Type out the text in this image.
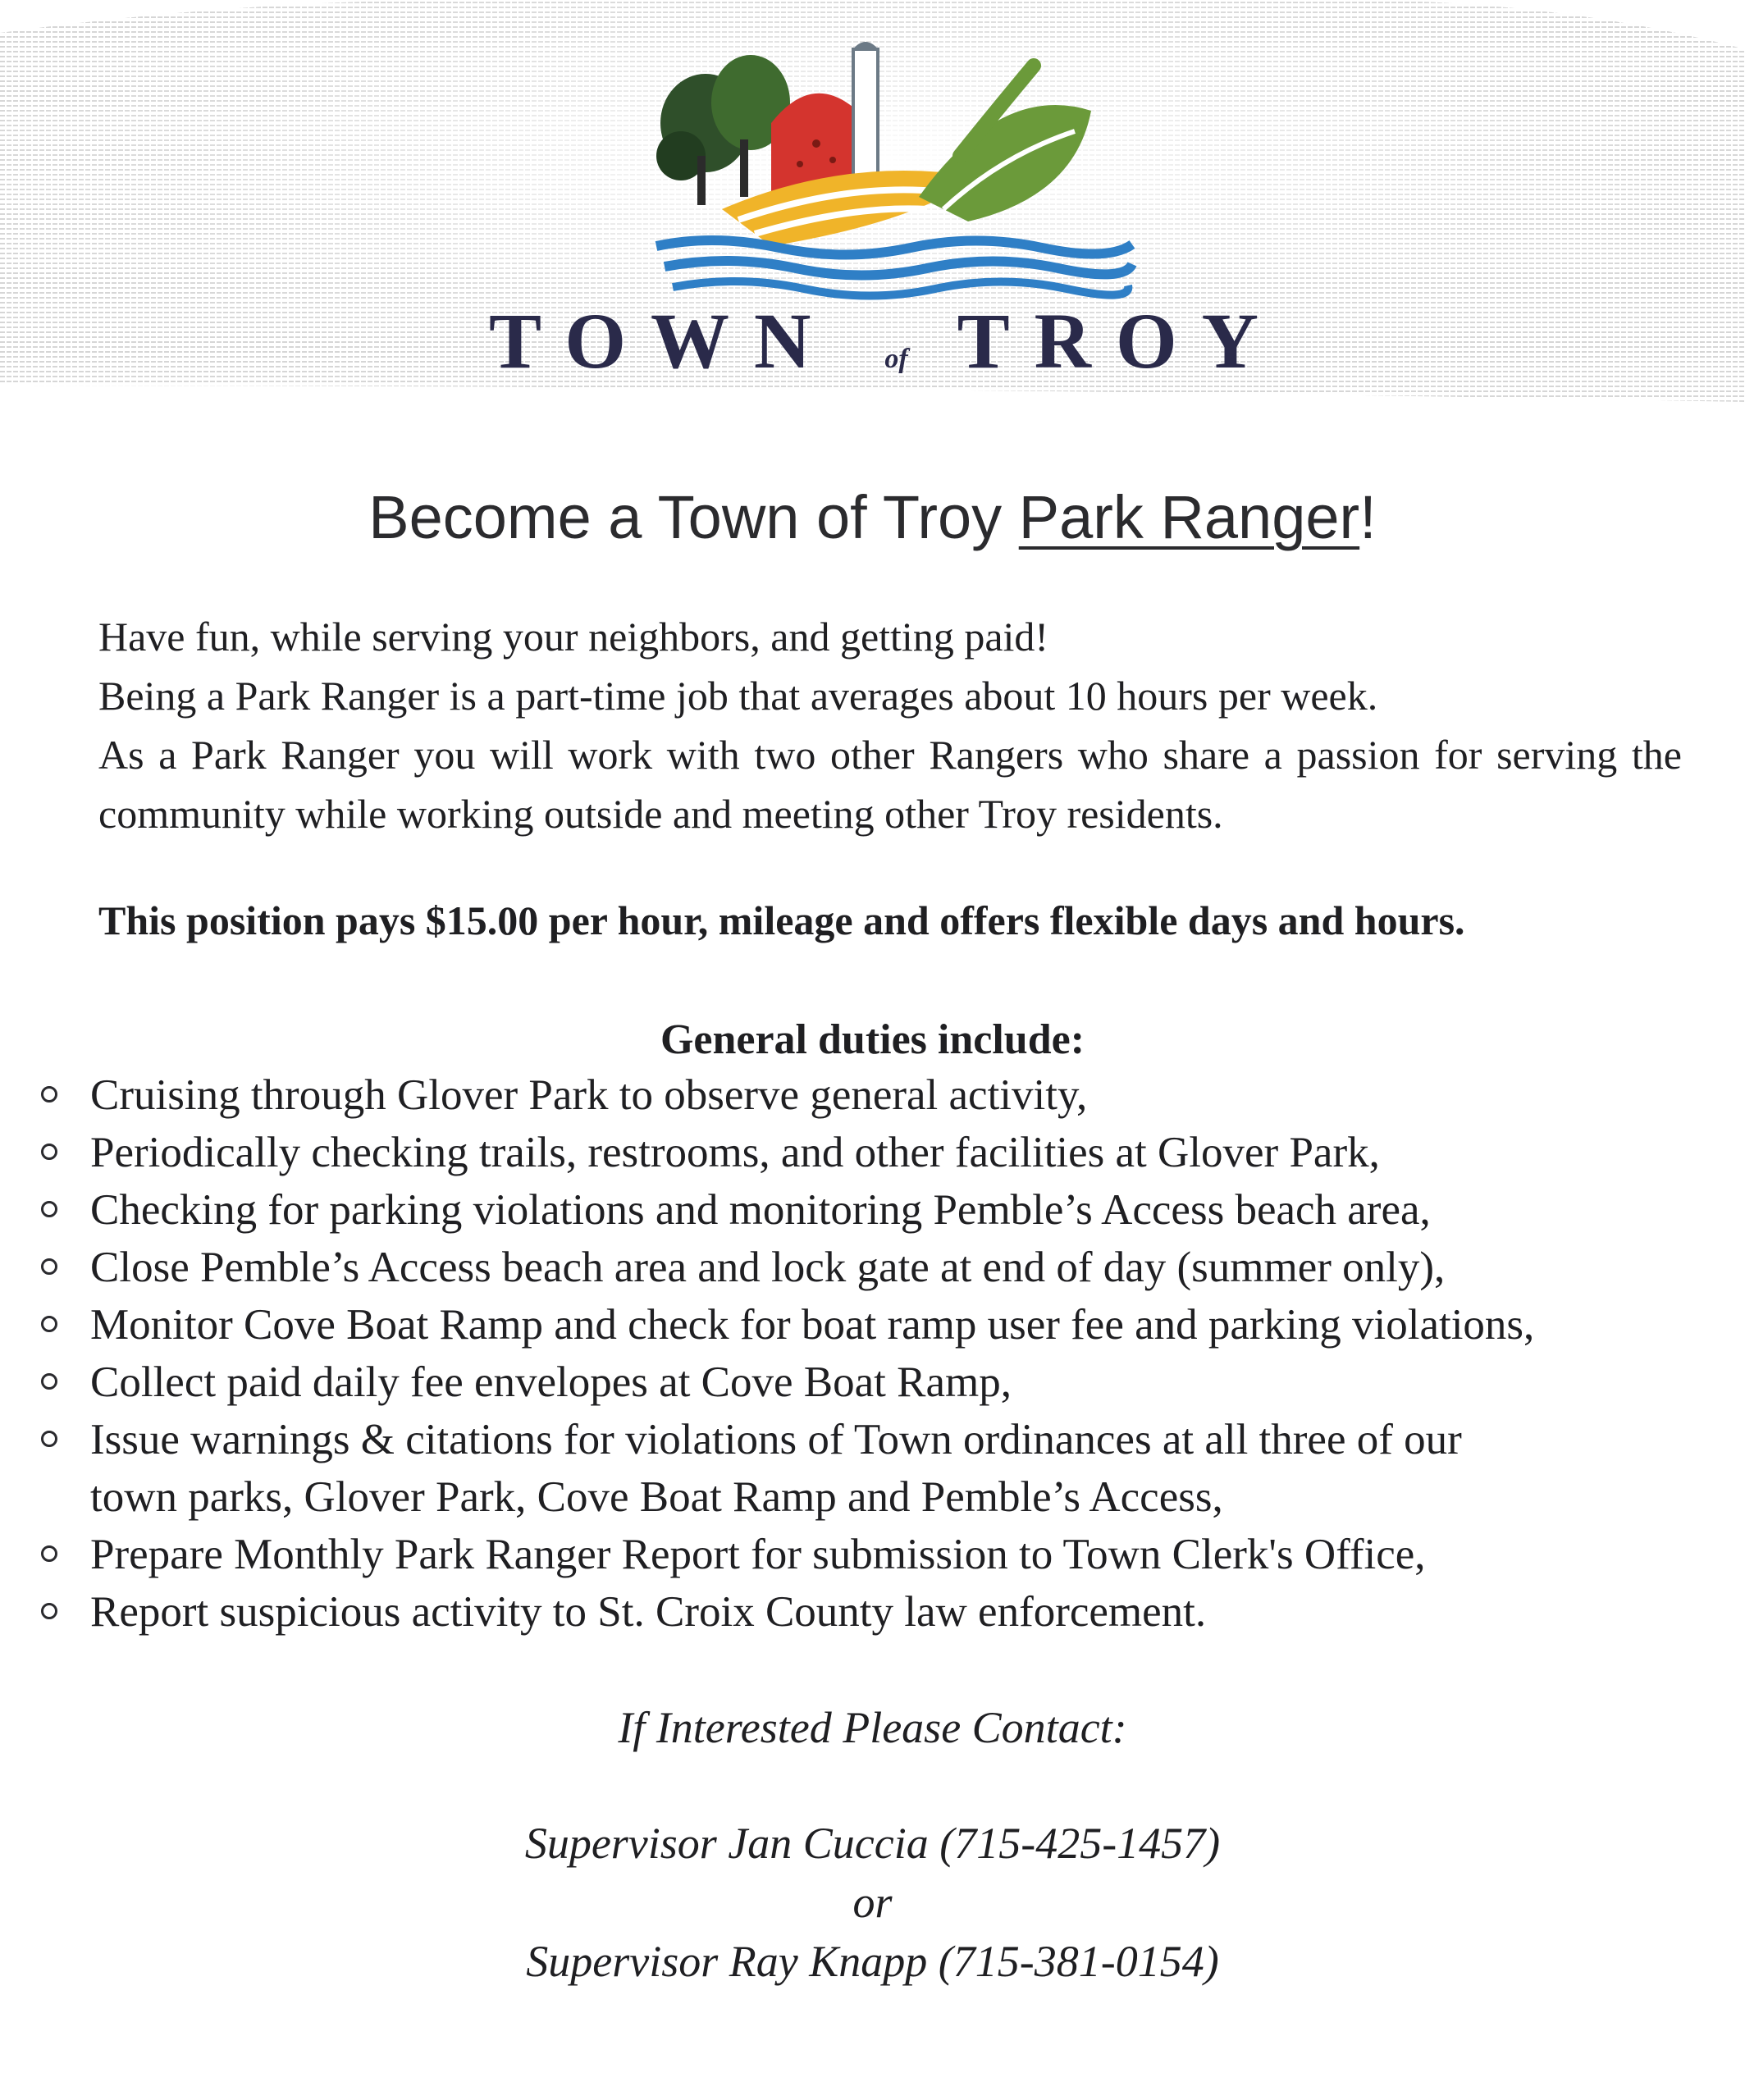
TOWN of TROY
Become a Town of Troy Park Ranger!

Have fun, while serving your neighbors, and getting paid!

Being a Park Ranger is a part-time job that averages about 10 hours per week.

As a Park Ranger you will work with two other Rangers who share a passion for serving the community while working outside and meeting other Troy residents.

This position pays $15.00 per hour, mileage and offers flexible days and hours.
General duties include:
Cruising through Glover Park to observe general activity,
Periodically checking trails, restrooms, and other facilities at Glover Park,
Checking for parking violations and monitoring Pemble’s Access beach area,
Close Pemble’s Access beach area and lock gate at end of day (summer only),
Monitor Cove Boat Ramp and check for boat ramp user fee and parking violations,
Collect paid daily fee envelopes at Cove Boat Ramp,
Issue warnings & citations for violations of Town ordinances at all three of our
town parks, Glover Park, Cove Boat Ramp and Pemble’s Access,
Prepare Monthly Park Ranger Report for submission to Town Clerk's Office,
Report suspicious activity to St. Croix County law enforcement.

If Interested Please Contact:

Supervisor Jan Cuccia (715-425-1457)

or

Supervisor Ray Knapp (715-381-0154)
